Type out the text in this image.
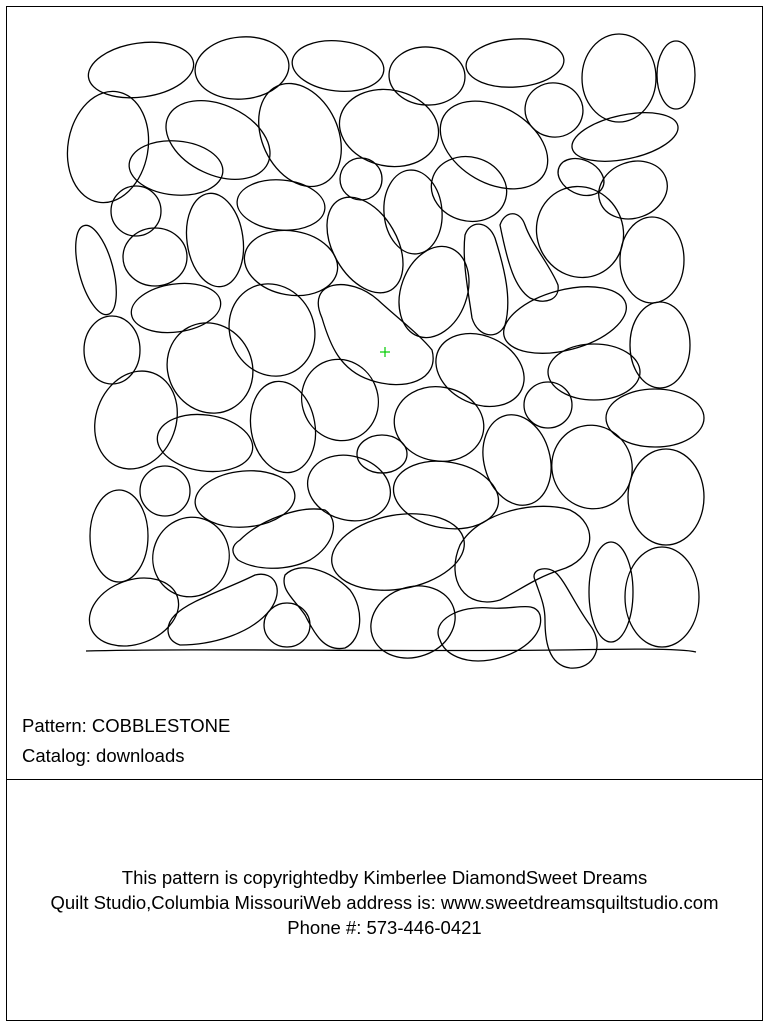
Pattern: COBBLESTONE
Catalog: downloads
This pattern is copyrightedby Kimberlee DiamondSweet Dreams
Quilt Studio,Columbia MissouriWeb address is: www.sweetdreamsquiltstudio.com
Phone #: 573-446-0421
